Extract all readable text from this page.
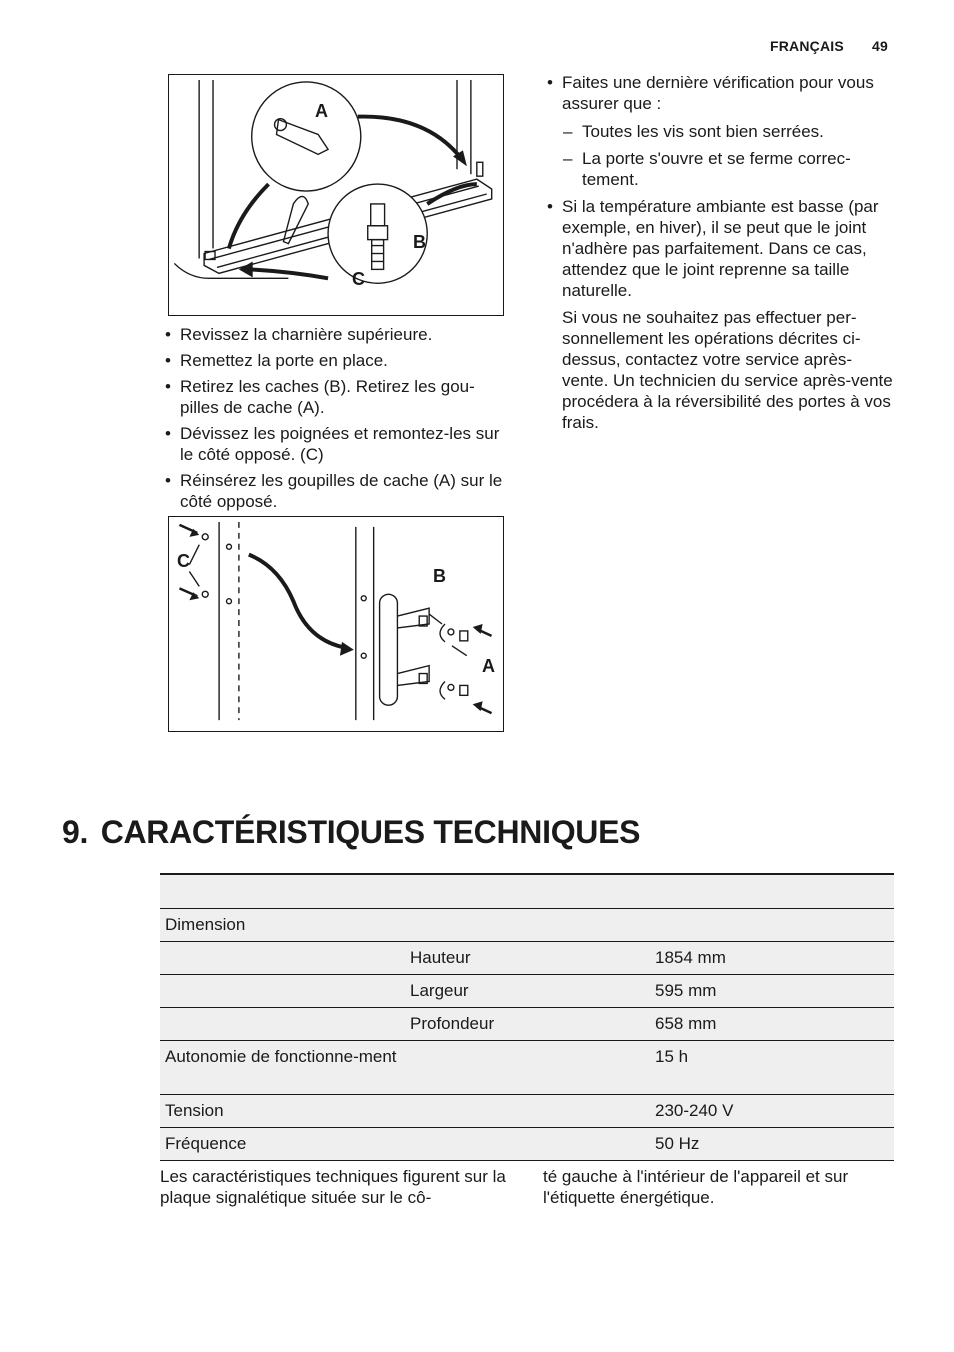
FRANÇAIS 49
A
B
C
• Revissez la charnière supérieure.
• Remettez la porte en place.
• Retirez les caches (B). Retirez les gou-pilles de cache (A).
• Dévissez les poignées et remontez-les sur le côté opposé. (C)
• Réinsérez les goupilles de cache (A) sur le côté opposé.
C
B
A
• Faites une dernière vérification pour vous assurer que :
– Toutes les vis sont bien serrées.
– La porte s'ouvre et se ferme correc-tement.
• Si la température ambiante est basse (par exemple, en hiver), il se peut que le joint n'adhère pas parfaitement. Dans ce cas, attendez que le joint reprenne sa taille naturelle.

Si vous ne souhaitez pas effectuer per-sonnellement les opérations décrites ci-dessus, contactez votre service après-vente. Un technicien du service après-vente procédera à la réversibilité des portes à vos frais.

9. CARACTÉRISTIQUES TECHNIQUES

Dimension		
	Hauteur	1854 mm
	Largeur	595 mm
	Profondeur	658 mm
Autonomie de fonctionne-ment		15 h
Tension		230-240 V
Fréquence		50 Hz

Les caractéristiques techniques figurent sur la plaque signalétique située sur le cô-

té gauche à l'intérieur de l'appareil et sur l'étiquette énergétique.
